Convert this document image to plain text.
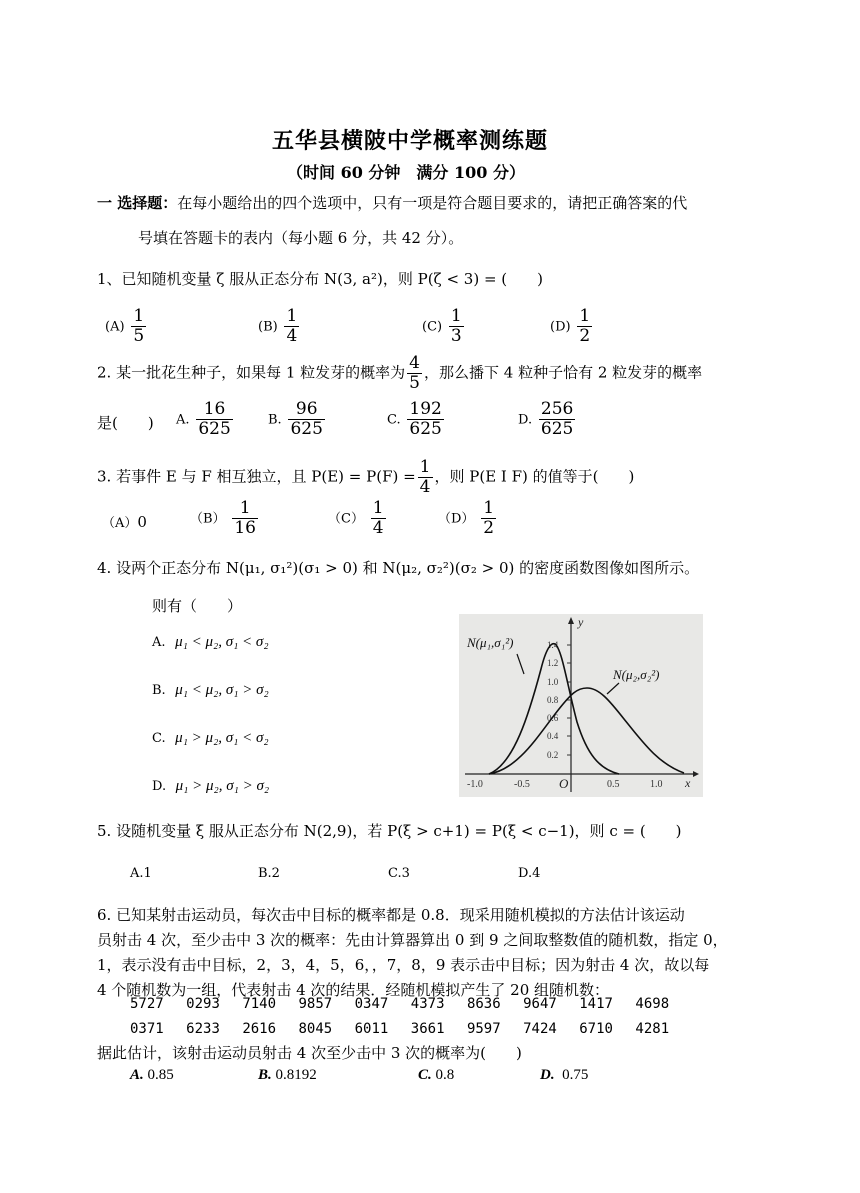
五华县横陂中学概率测练题
（时间 60 分钟　满分 100 分）
一 选择题：在每小题给出的四个选项中，只有一项是符合题目要求的，请把正确答案的代
号填在答题卡的表内（每小题 6 分，共 42 分）。
1、已知随机变量 ζ 服从正态分布 N(3, a²)，则 P(ζ < 3) = (　　)
$(A) \frac{1}{5}$	$(B) \frac{1}{4}$	$(C) \frac{1}{3}$	$(D) \frac{1}{2}$
2. 某一批花生种子，如果每 1 粒发芽的概率为 $\frac{4}{5}$ ，那么播下 4 粒种子恰有 2 粒发芽的概率
是(　　) A. $\frac{16}{625}$	B. $\frac{96}{625}$	C. $\frac{192}{625}$	D. $\frac{256}{625}$
3. 若事件 E 与 F 相互独立，且 $P(E) = P(F) = \frac{1}{4}$ ，则 P(E I F) 的值等于(　　)
（A）0	$(B) \frac{1}{16}$	$(C) \frac{1}{4}$	$(D) \frac{1}{2}$
4. 设两个正态分布 N(μ₁, σ₁²)(σ₁ > 0) 和 N(μ₂, σ₂²)(σ₂ > 0) 的密度函数图像如图所示。
则有（　　）
A. μ₁ < μ₂, σ₁ < σ₂
B. μ₁ < μ₂, σ₁ > σ₂
C. μ₁ > μ₂, σ₁ < σ₂
D. μ₁ > μ₂, σ₁ > σ₂
1.4
1.2
1.0
0.8
0.6
0.4
0.2
-1.0	-0.5	0.5	1.0
O	x
y
N(μ₁,σ₁²)
N(μ₂,σ₂²)
5. 设随机变量 ξ 服从正态分布 N(2,9)，若 P(ξ > c+1) = P(ξ < c−1)，则 c = (　　)
A.1	B.2	C.3	D.4
6. 已知某射击运动员，每次击中目标的概率都是 0.8．现采用随机模拟的方法估计该运动
员射击 4 次，至少击中 3 次的概率：先由计算器算出 0 到 9 之间取整数值的随机数，指定 0，
1，表示没有击中目标，2，3，4，5，6，，7，8，9 表示击中目标；因为射击 4 次，故以每
4 个随机数为一组，代表射击 4 次的结果．经随机模拟产生了 20 组随机数：
5727 0293 7140 9857 0347 4373 8636 9647 1417 4698
0371 6233 2616 8045 6011 3661 9597 7424 6710 4281
据此估计，该射击运动员射击 4 次至少击中 3 次的概率为(　　)
A. 0.85	B. 0.8192	C. 0.8	D. 0.75
